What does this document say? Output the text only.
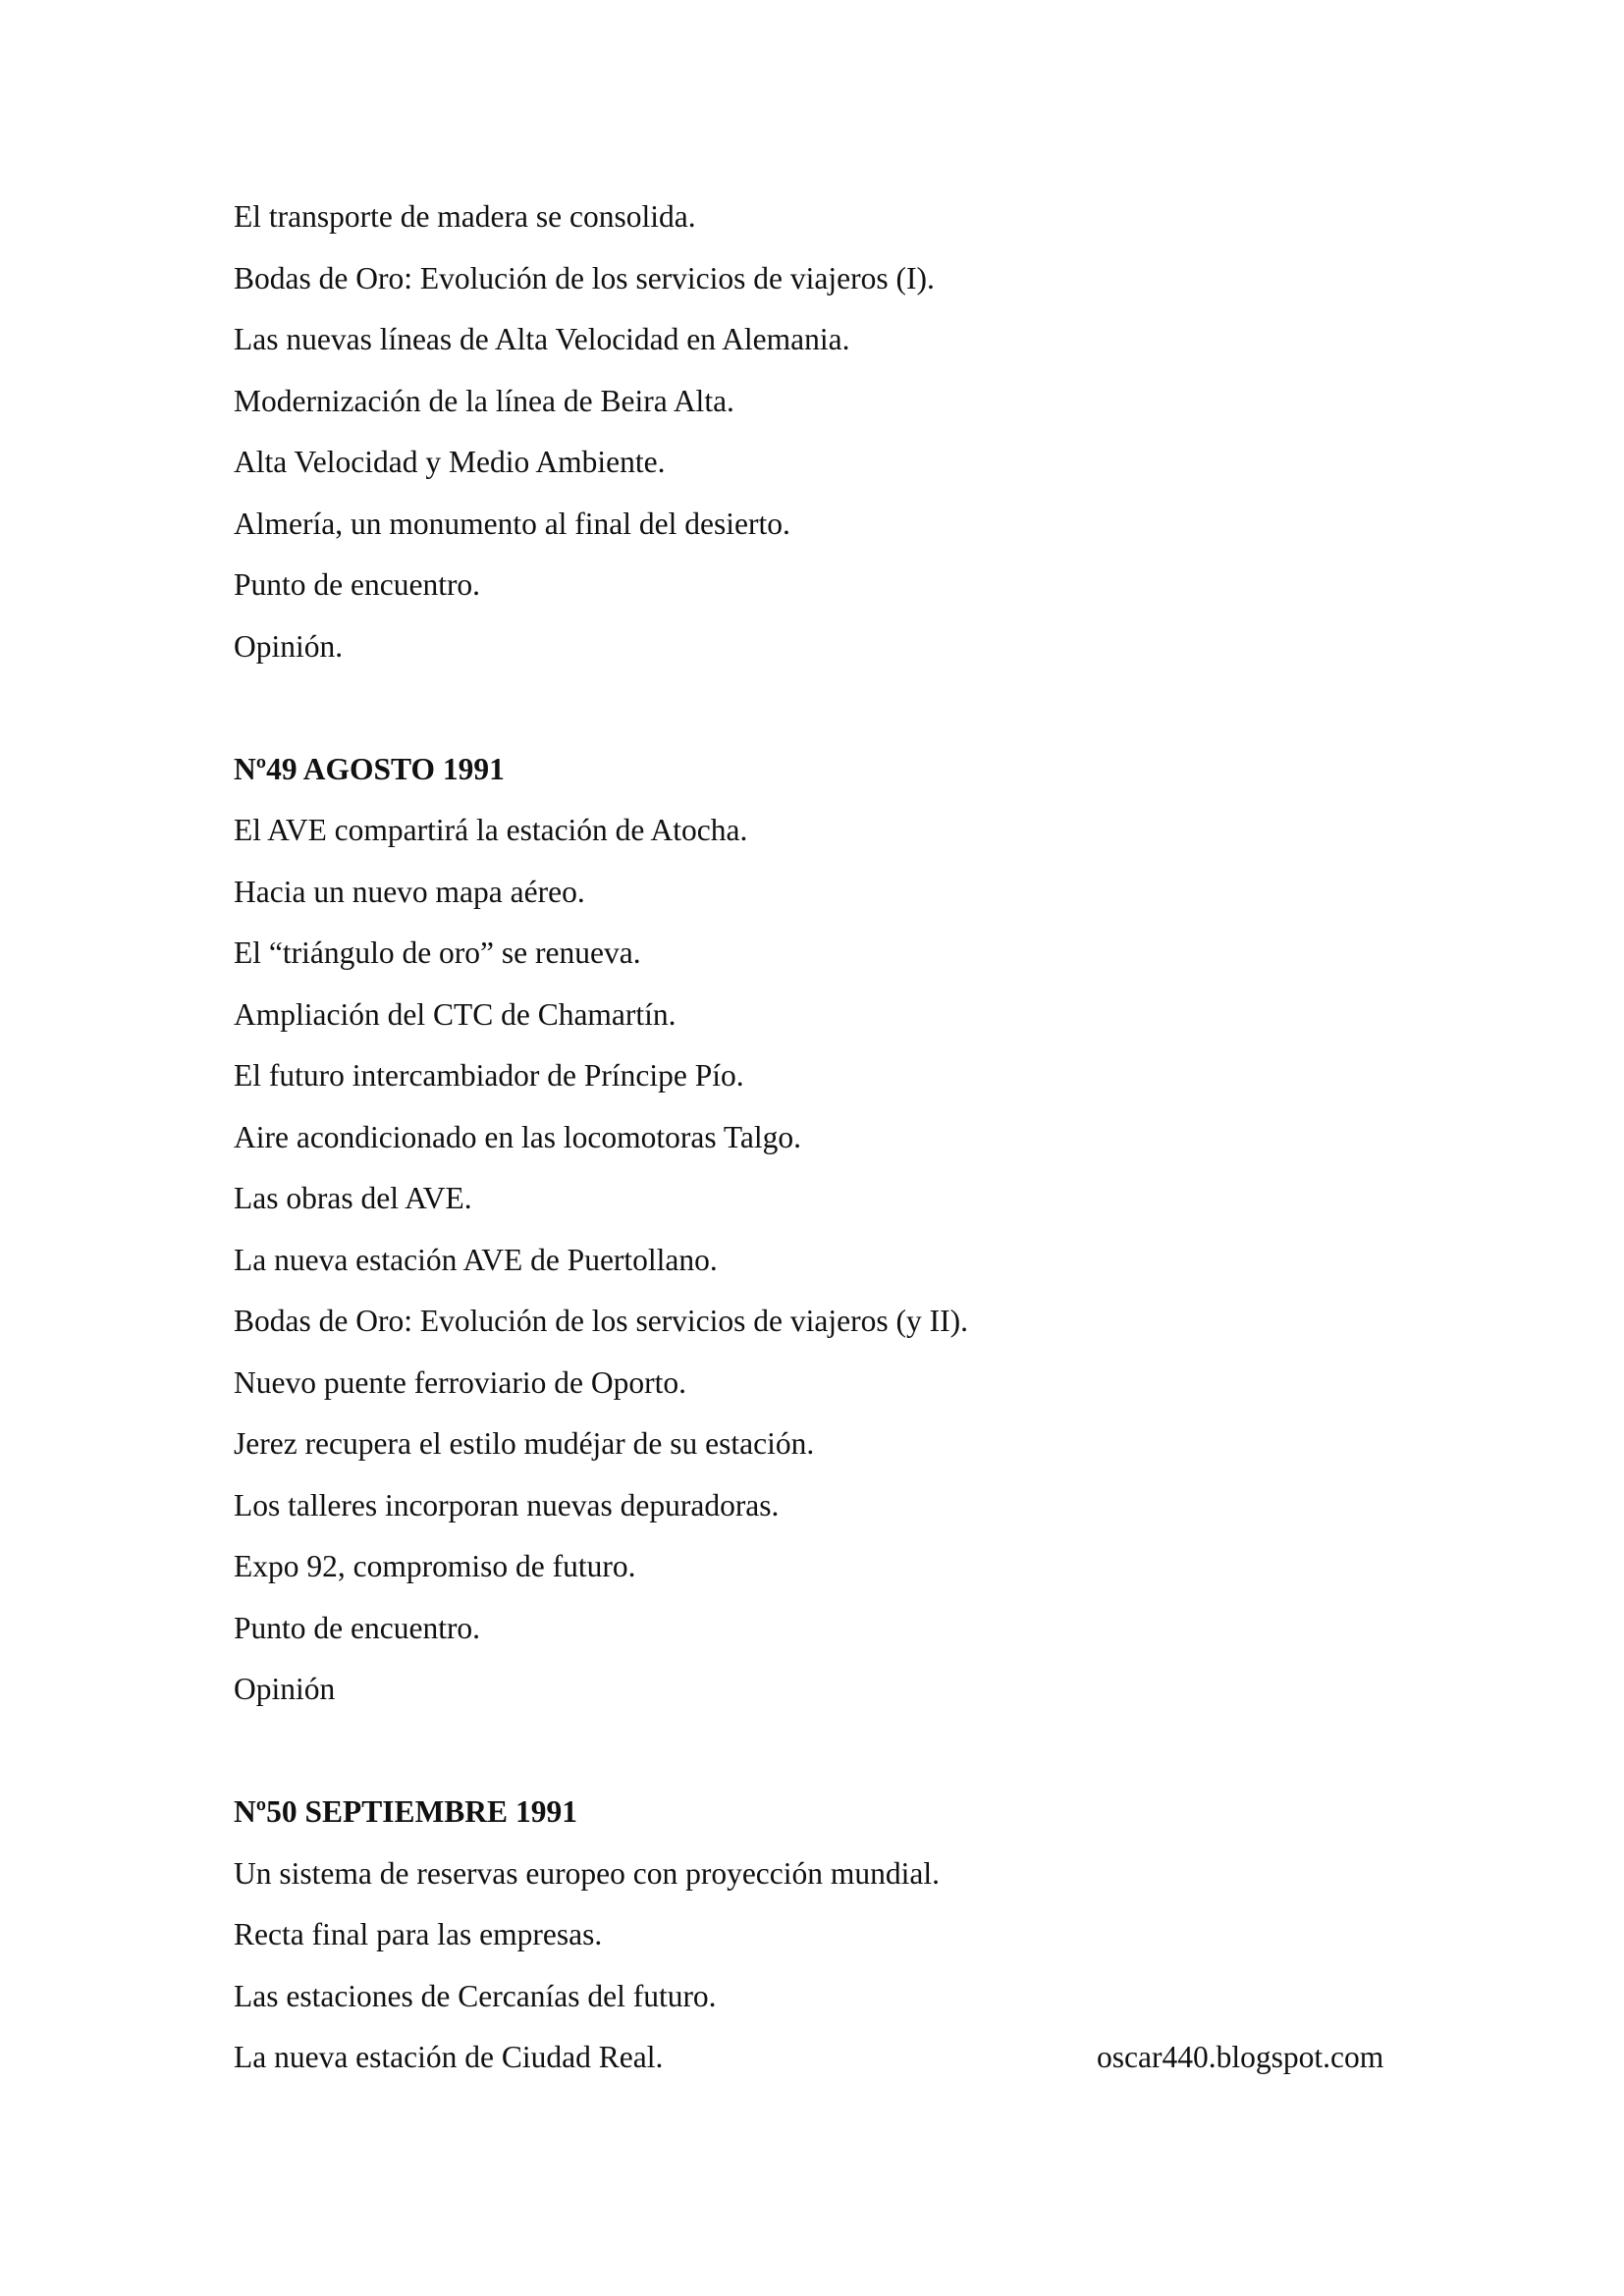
El transporte de madera se consolida.
Bodas de Oro: Evolución de los servicios de viajeros (I).
Las nuevas líneas de Alta Velocidad en Alemania.
Modernización de la línea de Beira Alta.
Alta Velocidad y Medio Ambiente.
Almería, un monumento al final del desierto.
Punto de encuentro.
Opinión.
Nº49 AGOSTO 1991
El AVE compartirá la estación de Atocha.
Hacia un nuevo mapa aéreo.
El “triángulo de oro” se renueva.
Ampliación del CTC de Chamartín.
El futuro intercambiador de Príncipe Pío.
Aire acondicionado en las locomotoras Talgo.
Las obras del AVE.
La nueva estación AVE de Puertollano.
Bodas de Oro: Evolución de los servicios de viajeros (y II).
Nuevo puente ferroviario de Oporto.
Jerez recupera el estilo mudéjar de su estación.
Los talleres incorporan nuevas depuradoras.
Expo 92, compromiso de futuro.
Punto de encuentro.
Opinión
Nº50 SEPTIEMBRE 1991
Un sistema de reservas europeo con proyección mundial.
Recta final para las empresas.
Las estaciones de Cercanías del futuro.
La nueva estación de Ciudad Real.	oscar440.blogspot.com
